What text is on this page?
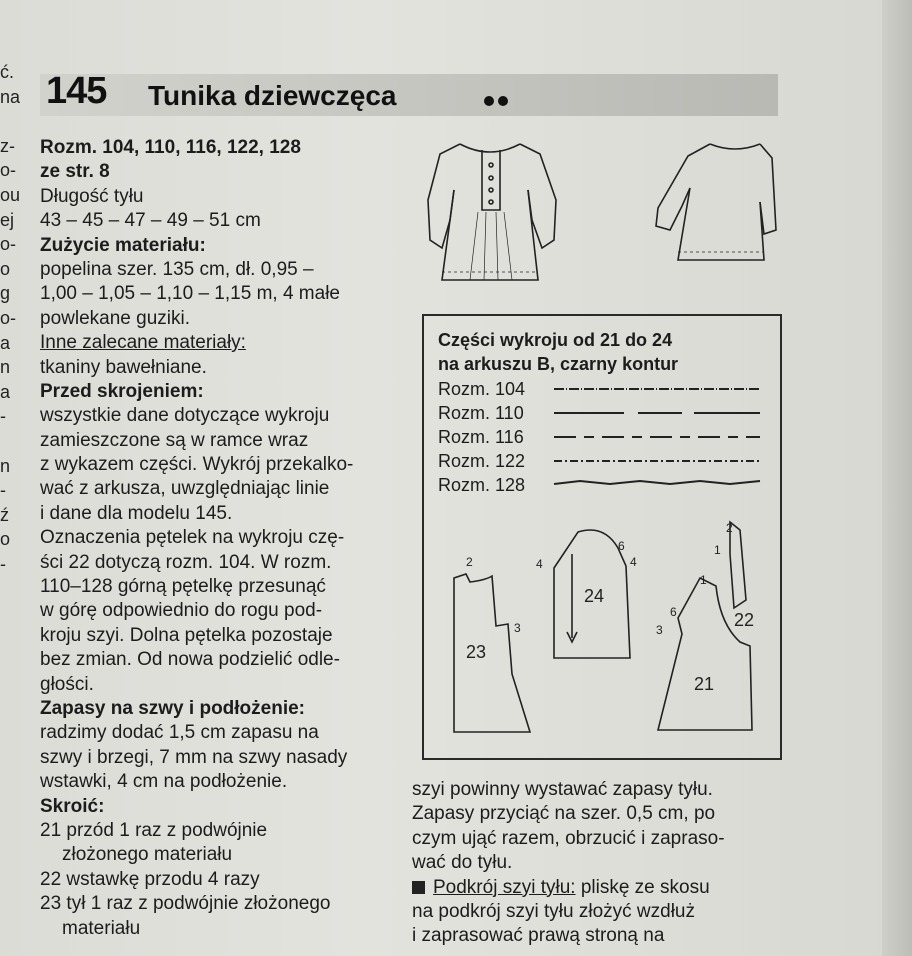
ć.
na
z-
o-
ou
ej
o-
o
g
o-
a
n
a
-
n
-
ź
o
-
145 Tunika dziewczęca
Rozm. 104, 110, 116, 122, 128
ze str. 8
Długość tyłu
43 – 45 – 47 – 49 – 51 cm
Zużycie materiału:
popelina szer. 135 cm, dł. 0,95 –
1,00 – 1,05 – 1,10 – 1,15 m, 4 małe
powlekane guziki.
Inne zalecane materiały:
tkaniny bawełniane.
Przed skrojeniem:
wszystkie dane dotyczące wykroju
zamieszczone są w ramce wraz
z wykazem części. Wykrój przekalko-
wać z arkusza, uwzględniając linie
i dane dla modelu 145.
Oznaczenia pętelek na wykroju czę-
ści 22 dotyczą rozm. 104. W rozm.
110–128 górną pętelkę przesunąć
w górę odpowiednio do rogu pod-
kroju szyi. Dolna pętelka pozostaje
bez zmian. Od nowa podzielić odle-
głości.
Zapasy na szwy i podłożenie:
radzimy dodać 1,5 cm zapasu na
szwy i brzegi, 7 mm na szwy nasady
wstawki, 4 cm na podłożenie.
Skroić:
21 przód 1 raz z podwójnie
złożonego materiału
22 wstawkę przodu 4 razy
23 tył 1 raz z podwójnie złożonego
materiału
Części wykroju od 21 do 24
na arkuszu B, czarny kontur
Rozm. 104
Rozm. 110
Rozm. 116
Rozm. 122
Rozm. 128
23
24
21
22
2
3
4
6
4
3
6
1
2
1
szyi powinny wystawać zapasy tyłu.
Zapasy przyciąć na szer. 0,5 cm, po
czym ująć razem, obrzucić i zapraso-
wać do tyłu.
Podkrój szyi tyłu: pliskę ze skosu
na podkrój szyi tyłu złożyć wzdłuż
i zaprasować prawą stroną na
